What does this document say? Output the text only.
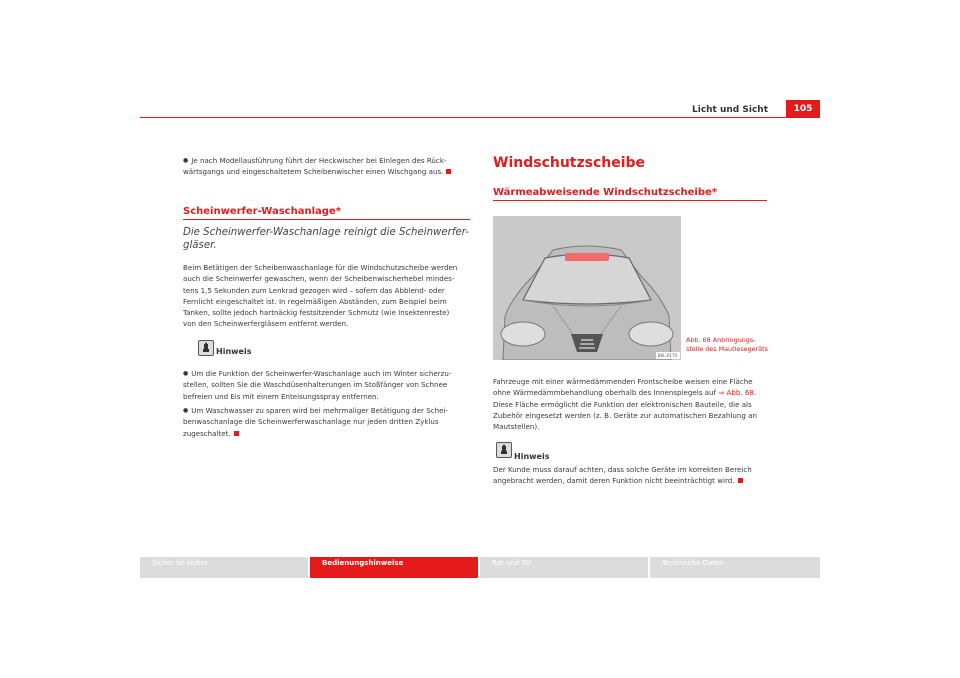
Licht und Sicht	105
● Je nach Modellausführung führt der Heckwischer bei Einlegen des Rück-
wärtsgangs und eingeschaltetem Scheibenwischer einen Wischgang aus.
Scheinwerfer-Waschanlage*
Die Scheinwerfer-Waschanlage reinigt die Scheinwerfer-
gläser.
Beim Betätigen der Scheibenwaschanlage für die Windschutzscheibe werden
auch die Scheinwerfer gewaschen, wenn der Scheibenwischerhebel mindes-
tens 1,5 Sekunden zum Lenkrad gezogen wird – sofern das Abblend- oder
Fernlicht eingeschaltet ist. In regelmäßigen Abständen, zum Beispiel beim
Tanken, sollte jedoch hartnäckig festsitzender Schmutz (wie Insektenreste)
von den Scheinwerfergläsern entfernt werden.
Hinweis
● Um die Funktion der Scheinwerfer-Waschanlage auch im Winter sicherzu-
stellen, sollten Sie die Waschdüsenhalterungen im Stoßfänger von Schnee
befreien und Eis mit einem Enteisungsspray entfernen.
● Um Waschwasser zu sparen wird bei mehrmaliger Betätigung der Schei-
benwaschanlage die Scheinwerferwaschanlage nur jeden dritten Zyklus
zugeschaltet.
Windschutzscheibe
Wärmeabweisende Windschutzscheibe*
B6L-0170
Abb. 68 Anbringungs-
stelle des Mautlesegeräts
Fahrzeuge mit einer wärmedämmenden Frontscheibe weisen eine Fläche
ohne Wärmedämmbehandlung oberhalb des Innenspiegels auf ⇒ Abb. 68.
Diese Fläche ermöglicht die Funktion der elektronischen Bauteile, die als
Zubehör eingesetzt werden (z. B. Geräte zur automatischen Bezahlung an
Mautstellen).
Hinweis
Der Kunde muss darauf achten, dass solche Geräte im korrekten Bereich
angebracht werden, damit deren Funktion nicht beeinträchtigt wird.
Sicher ist sicher	Bedienungshinweise	Rat und Tat	Technische Daten
